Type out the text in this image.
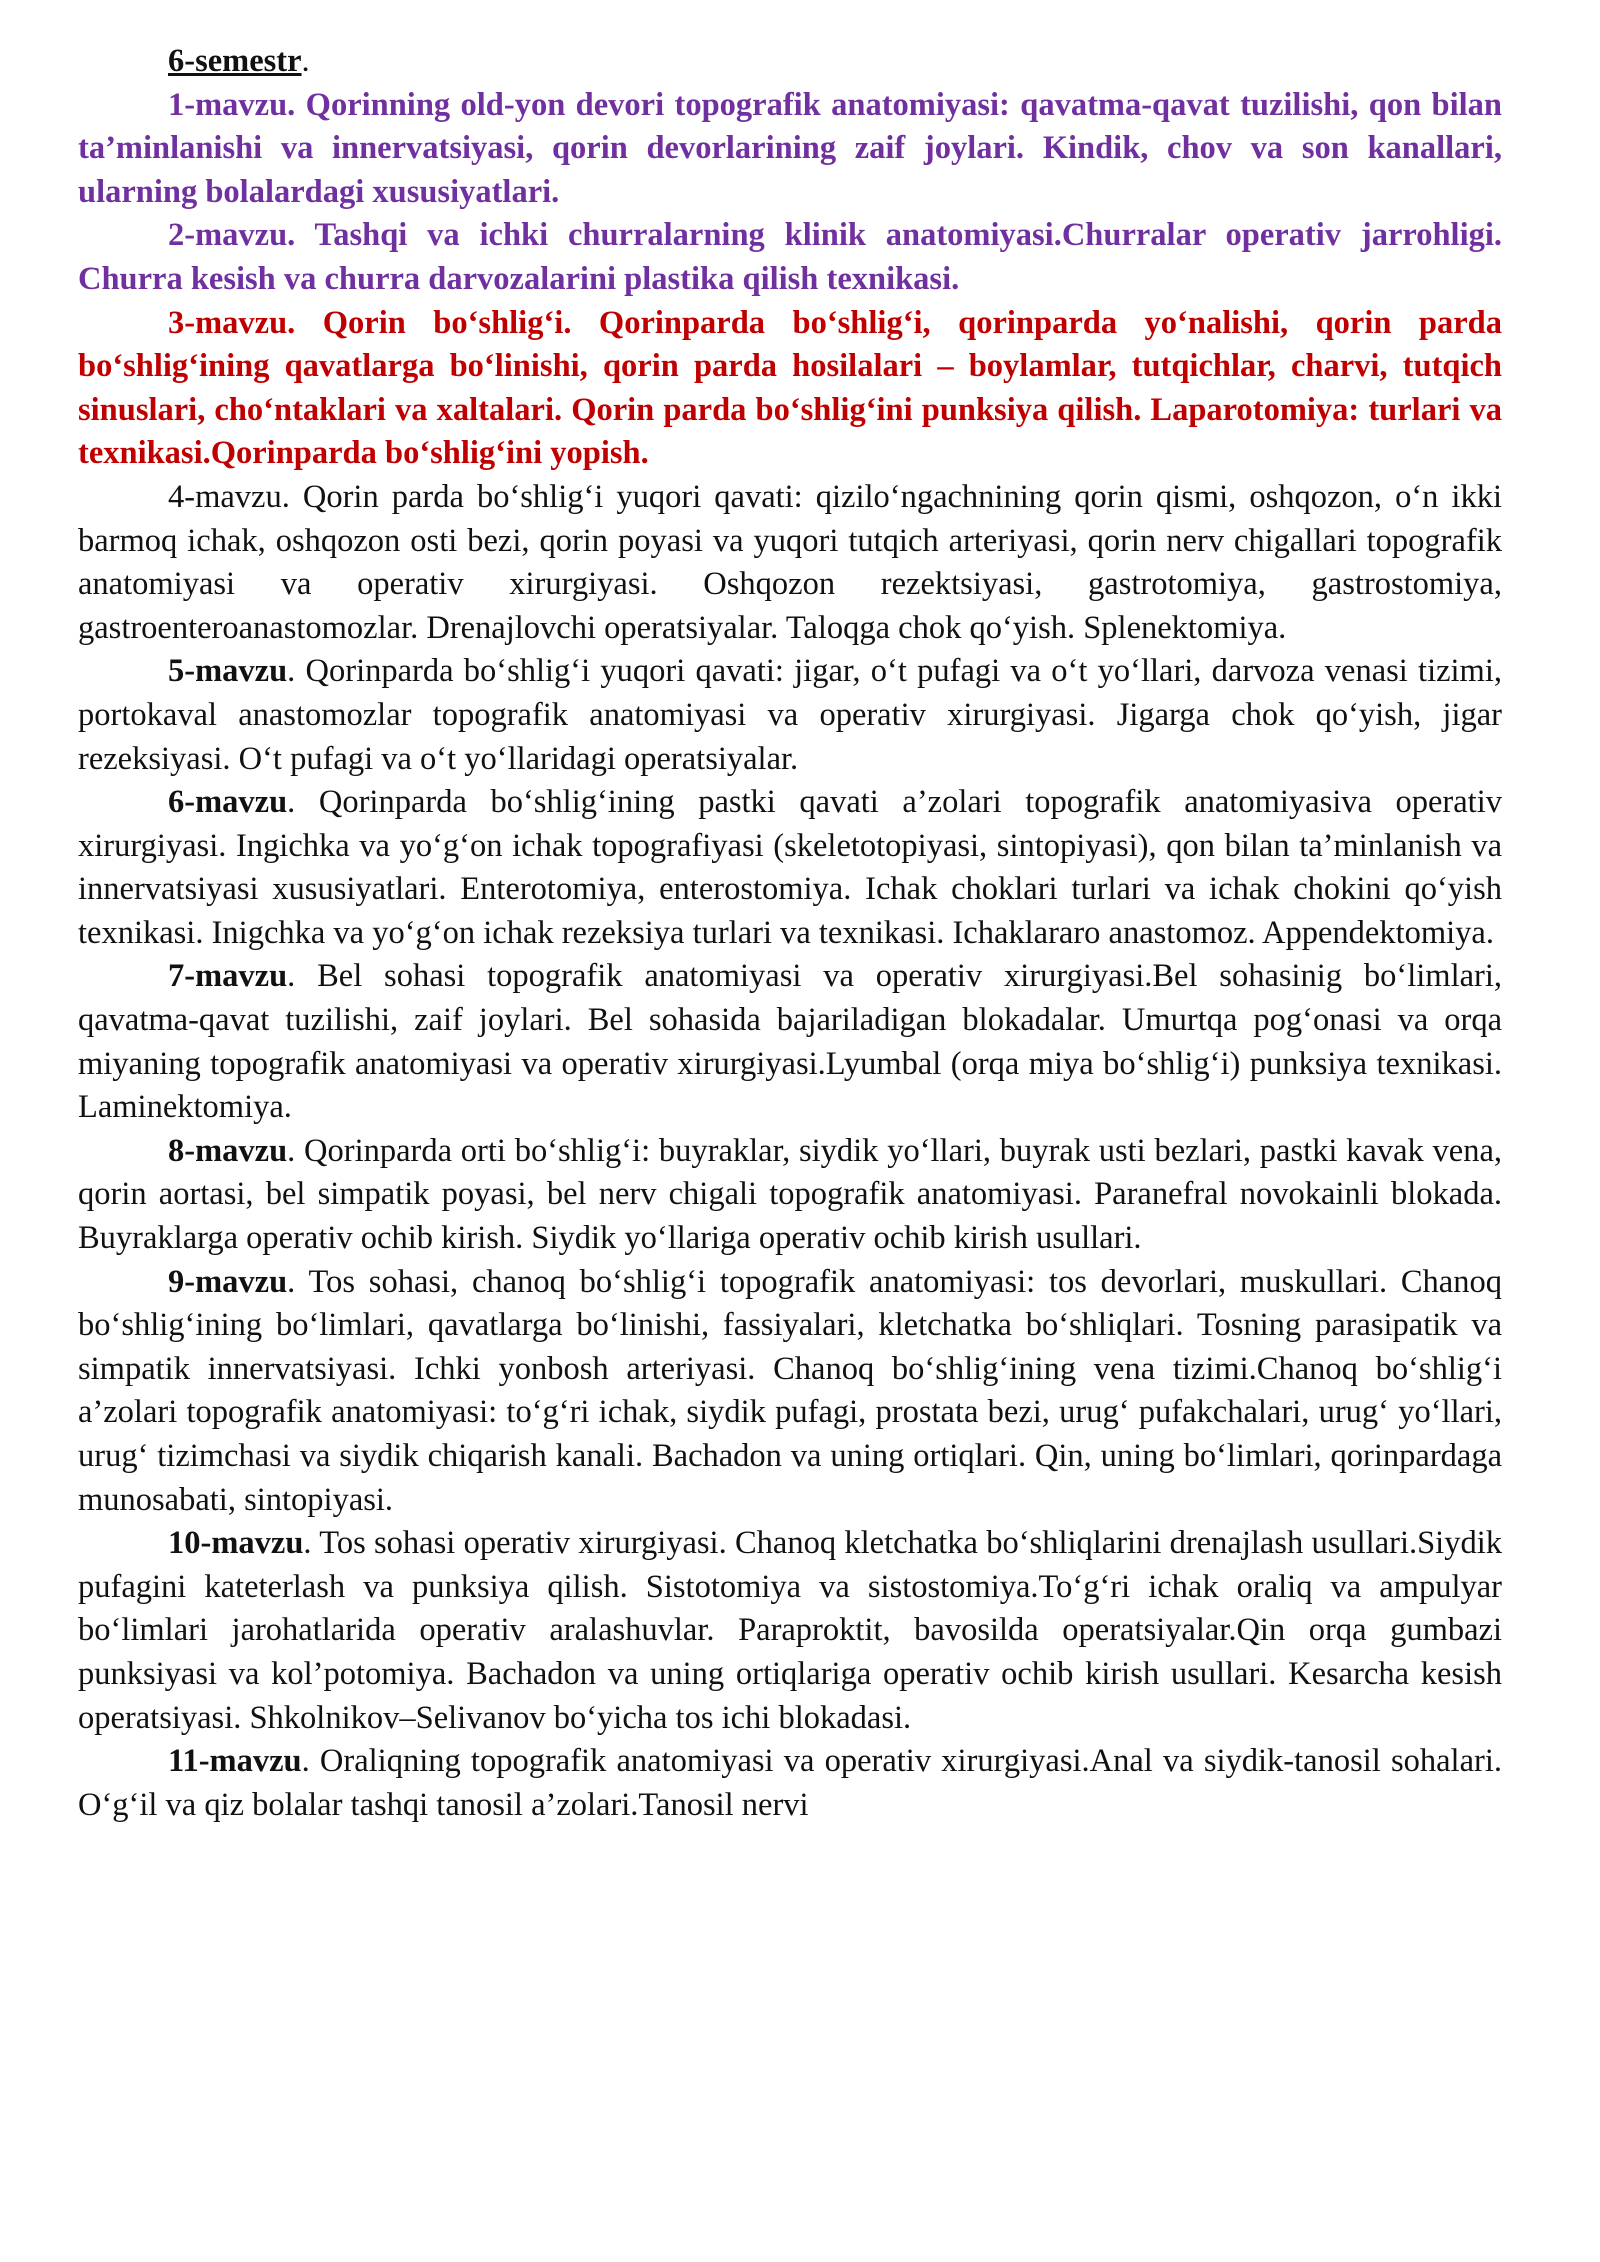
6-semestr.

1-mavzu. Qorinning old-yon devori topografik anatomiyasi: qavatma-qavat tuzilishi, qon bilan ta’minlanishi va innervatsiyasi, qorin devorlarining zaif joylari. Kindik, chov va son kanallari, ularning bolalardagi xususiyatlari.

2-mavzu. Tashqi va ichki churralarning klinik anatomiyasi.Churralar operativ jarrohligi. Churra kesish va churra darvozalarini plastika qilish texnikasi.

3-mavzu. Qorin bo‘shlig‘i. Qorinparda bo‘shlig‘i, qorinparda yo‘nalishi, qorin parda bo‘shlig‘ining qavatlarga bo‘linishi, qorin parda hosilalari – boylamlar, tutqichlar, charvi, tutqich sinuslari, cho‘ntaklari va xaltalari. Qorin parda bo‘shlig‘ini punksiya qilish. Laparotomiya: turlari va texnikasi.Qorinparda bo‘shlig‘ini yopish.

4-mavzu. Qorin parda bo‘shlig‘i yuqori qavati: qizilo‘ngachnining qorin qismi, oshqozon, o‘n ikki barmoq ichak, oshqozon osti bezi, qorin poyasi va yuqori tutqich arteriyasi, qorin nerv chigallari topografik anatomiyasi va operativ xirurgiyasi. Oshqozon rezektsiyasi, gastrotomiya, gastrostomiya, gastroenteroanastomozlar. Drenajlovchi operatsiyalar. Taloqga chok qo‘yish. Splenektomiya.

5-mavzu. Qorinparda bo‘shlig‘i yuqori qavati: jigar, o‘t pufagi va o‘t yo‘llari, darvoza venasi tizimi, portokaval anastomozlar topografik anatomiyasi va operativ xirurgiyasi. Jigarga chok qo‘yish, jigar rezeksiyasi. O‘t pufagi va o‘t yo‘llaridagi operatsiyalar.

6-mavzu. Qorinparda bo‘shlig‘ining pastki qavati a’zolari topografik anatomiyasiva operativ xirurgiyasi. Ingichka va yo‘g‘on ichak topografiyasi (skeletotopiyasi, sintopiyasi), qon bilan ta’minlanish va innervatsiyasi xususiyatlari. Enterotomiya, enterostomiya. Ichak choklari turlari va ichak chokini qo‘yish texnikasi. Inigchka va yo‘g‘on ichak rezeksiya turlari va texnikasi. Ichaklararo anastomoz. Appendektomiya.

7-mavzu. Bel sohasi topografik anatomiyasi va operativ xirurgiyasi.Bel sohasinig bo‘limlari, qavatma-qavat tuzilishi, zaif joylari. Bel sohasida bajariladigan blokadalar. Umurtqa pog‘onasi va orqa miyaning topografik anatomiyasi va operativ xirurgiyasi.Lyumbal (orqa miya bo‘shlig‘i) punksiya texnikasi. Laminektomiya.

8-mavzu. Qorinparda orti bo‘shlig‘i: buyraklar, siydik yo‘llari, buyrak usti bezlari, pastki kavak vena, qorin aortasi, bel simpatik poyasi, bel nerv chigali topografik anatomiyasi. Paranefral novokainli blokada. Buyraklarga operativ ochib kirish. Siydik yo‘llariga operativ ochib kirish usullari.

9-mavzu. Tos sohasi, chanoq bo‘shlig‘i topografik anatomiyasi: tos devorlari, muskullari. Chanoq bo‘shlig‘ining bo‘limlari, qavatlarga bo‘linishi, fassiyalari, kletchatka bo‘shliqlari. Tosning parasipatik va simpatik innervatsiyasi. Ichki yonbosh arteriyasi. Chanoq bo‘shlig‘ining vena tizimi.Chanoq bo‘shlig‘i a’zolari topografik anatomiyasi: to‘g‘ri ichak, siydik pufagi, prostata bezi, urug‘ pufakchalari, urug‘ yo‘llari, urug‘ tizimchasi va siydik chiqarish kanali. Bachadon va uning ortiqlari. Qin, uning bo‘limlari, qorinpardaga munosabati, sintopiyasi.

10-mavzu. Tos sohasi operativ xirurgiyasi. Chanoq kletchatka bo‘shliqlarini drenajlash usullari.Siydik pufagini kateterlash va punksiya qilish. Sistotomiya va sistostomiya.To‘g‘ri ichak oraliq va ampulyar bo‘limlari jarohatlarida operativ aralashuvlar. Paraproktit, bavosilda operatsiyalar.Qin orqa gumbazi punksiyasi va kol’potomiya. Bachadon va uning ortiqlariga operativ ochib kirish usullari. Kesarcha kesish operatsiyasi. Shkolnikov–Selivanov bo‘yicha tos ichi blokadasi.

11-mavzu. Oraliqning topografik anatomiyasi va operativ xirurgiyasi.Anal va siydik-tanosil sohalari. O‘g‘il va qiz bolalar tashqi tanosil a’zolari.Tanosil nervi
